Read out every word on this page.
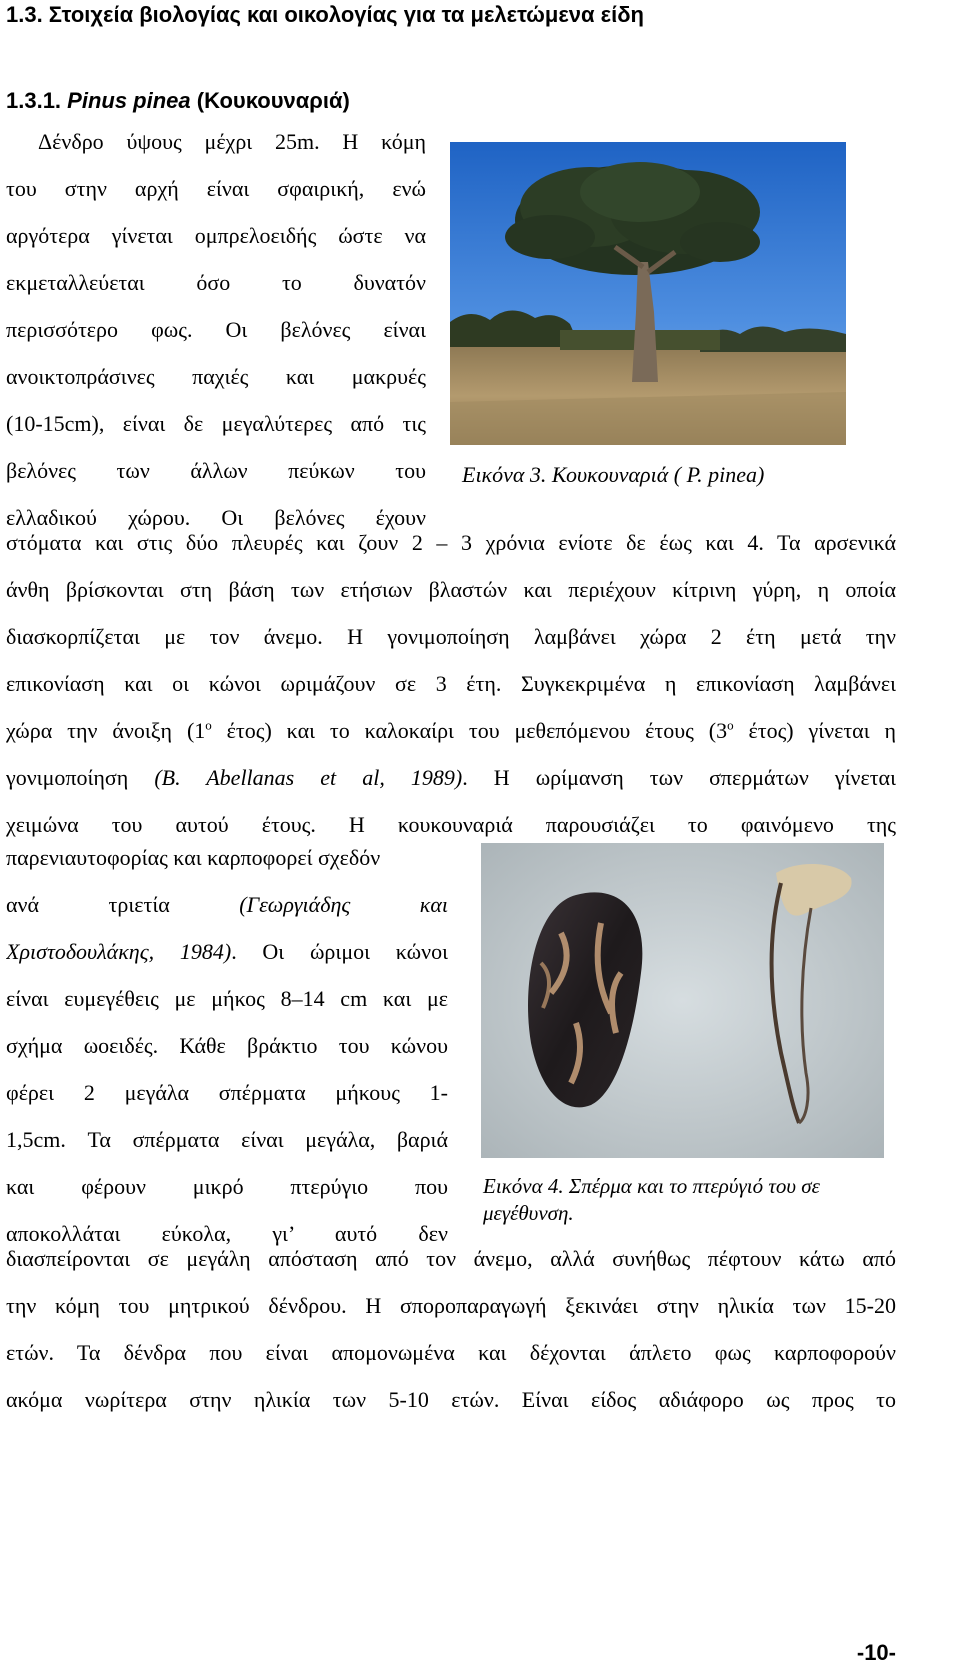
1.3. Στοιχεία βιολογίας και οικολογίας για τα μελετώμενα είδη
1.3.1. Pinus pinea (Κουκουναριά)
Δένδρο ύψους μέχρι 25m. Η κόμη
του στην αρχή είναι σφαιρική, ενώ
αργότερα γίνεται ομπρελοειδής ώστε να
εκμεταλλεύεται όσο το δυνατόν
περισσότερο φως. Οι βελόνες είναι
ανοικτοπράσινες παχιές και μακρυές
(10-15cm), είναι δε μεγαλύτερες από τις
βελόνες των άλλων πεύκων του
ελλαδικού χώρου. Οι βελόνες έχουν
Εικόνα 3. Κουκουναριά ( P. pinea)
στόματα και στις δύο πλευρές και ζουν 2 – 3 χρόνια ενίοτε δε έως και 4. Τα αρσενικά
άνθη βρίσκονται στη βάση των ετήσιων βλαστών και περιέχουν κίτρινη γύρη, η οποία
διασκορπίζεται με τον άνεμο. Η γονιμοποίηση λαμβάνει χώρα 2 έτη μετά την
επικονίαση και οι κώνοι ωριμάζουν σε 3 έτη. Συγκεκριμένα η επικονίαση λαμβάνει
χώρα την άνοιξη ($1^o$ έτος) και το καλοκαίρι του μεθεπόμενου έτους ($3^o$ έτος) γίνεται η
γονιμοποίηση (B. Abellanas et al, 1989). Η ωρίμανση των σπερμάτων γίνεται
χειμώνα του αυτού έτους. Η κουκουναριά παρουσιάζει το φαινόμενο της
παρενιαυτοφορίας και καρποφορεί σχεδόν
ανά τριετία (Γεωργιάδης και
Χριστοδουλάκης, 1984). Οι ώριμοι κώνοι
είναι ευμεγέθεις με μήκος 8–14 cm και με
σχήμα ωοειδές. Κάθε βράκτιο του κώνου
φέρει 2 μεγάλα σπέρματα μήκους 1-
1,5cm. Τα σπέρματα είναι μεγάλα, βαριά
και φέρουν μικρό πτερύγιο που
αποκολλάται εύκολα, γι’ αυτό δεν
Εικόνα 4. Σπέρμα και το πτερύγιό του σε
μεγέθυνση.
διασπείρονται σε μεγάλη απόσταση από τον άνεμο, αλλά συνήθως πέφτουν κάτω από
την κόμη του μητρικού δένδρου. Η σποροπαραγωγή ξεκινάει στην ηλικία των 15-20
ετών. Τα δένδρα που είναι απομονωμένα και δέχονται άπλετο φως καρποφορούν
ακόμα νωρίτερα στην ηλικία των 5-10 ετών. Είναι είδος αδιάφορο ως προς το
-10-
